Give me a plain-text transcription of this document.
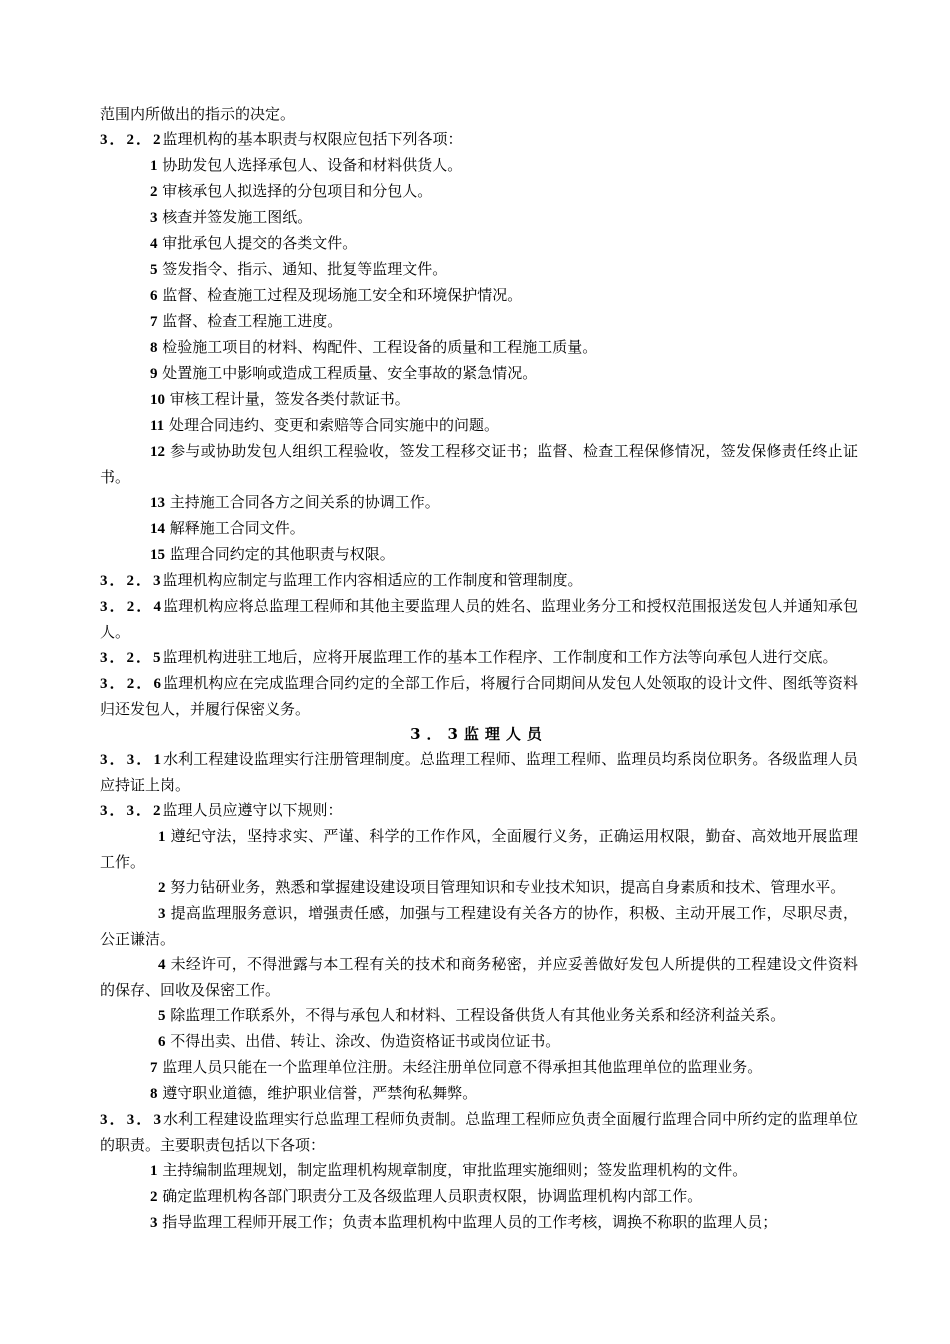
范围内所做出的指示的决定。

3．2．2监理机构的基本职责与权限应包括下列各项：

1 协助发包人选择承包人、设备和材料供货人。

2 审核承包人拟选择的分包项目和分包人。

3 核查并签发施工图纸。

4 审批承包人提交的各类文件。

5 签发指令、指示、通知、批复等监理文件。

6 监督、检查施工过程及现场施工安全和环境保护情况。

7 监督、检查工程施工进度。

8 检验施工项目的材料、构配件、工程设备的质量和工程施工质量。

9 处置施工中影响或造成工程质量、安全事故的紧急情况。

10 审核工程计量，签发各类付款证书。

11 处理合同违约、变更和索赔等合同实施中的问题。

12 参与或协助发包人组织工程验收，签发工程移交证书；监督、检查工程保修情况，签发保修责任终止证书。

13 主持施工合同各方之间关系的协调工作。

14 解释施工合同文件。

15 监理合同约定的其他职责与权限。

3．2．3监理机构应制定与监理工作内容相适应的工作制度和管理制度。

3．2．4监理机构应将总监理工程师和其他主要监理人员的姓名、监理业务分工和授权范围报送发包人并通知承包人。

3．2．5监理机构进驻工地后，应将开展监理工作的基本工作程序、工作制度和工作方法等向承包人进行交底。

3．2．6监理机构应在完成监理合同约定的全部工作后，将履行合同期间从发包人处领取的设计文件、图纸等资料归还发包人，并履行保密义务。

3．3监理人员

3．3．1水利工程建设监理实行注册管理制度。总监理工程师、监理工程师、监理员均系岗位职务。各级监理人员应持证上岗。

3．3．2监理人员应遵守以下规则：

1 遵纪守法，坚持求实、严谨、科学的工作作风，全面履行义务，正确运用权限，勤奋、高效地开展监理工作。

2 努力钻研业务，熟悉和掌握建设建设项目管理知识和专业技术知识，提高自身素质和技术、管理水平。

3 提高监理服务意识，增强责任感，加强与工程建设有关各方的协作，积极、主动开展工作，尽职尽责，公正谦洁。

4 未经许可，不得泄露与本工程有关的技术和商务秘密，并应妥善做好发包人所提供的工程建设文件资料的保存、回收及保密工作。

5 除监理工作联系外，不得与承包人和材料、工程设备供货人有其他业务关系和经济利益关系。

6 不得出卖、出借、转让、涂改、伪造资格证书或岗位证书。

7 监理人员只能在一个监理单位注册。未经注册单位同意不得承担其他监理单位的监理业务。

8 遵守职业道德，维护职业信誉，严禁徇私舞弊。

3．3．3水利工程建设监理实行总监理工程师负责制。总监理工程师应负责全面履行监理合同中所约定的监理单位的职责。主要职责包括以下各项：

1 主持编制监理规划，制定监理机构规章制度，审批监理实施细则；签发监理机构的文件。

2 确定监理机构各部门职责分工及各级监理人员职责权限，协调监理机构内部工作。

3 指导监理工程师开展工作；负责本监理机构中监理人员的工作考核，调换不称职的监理人员；
